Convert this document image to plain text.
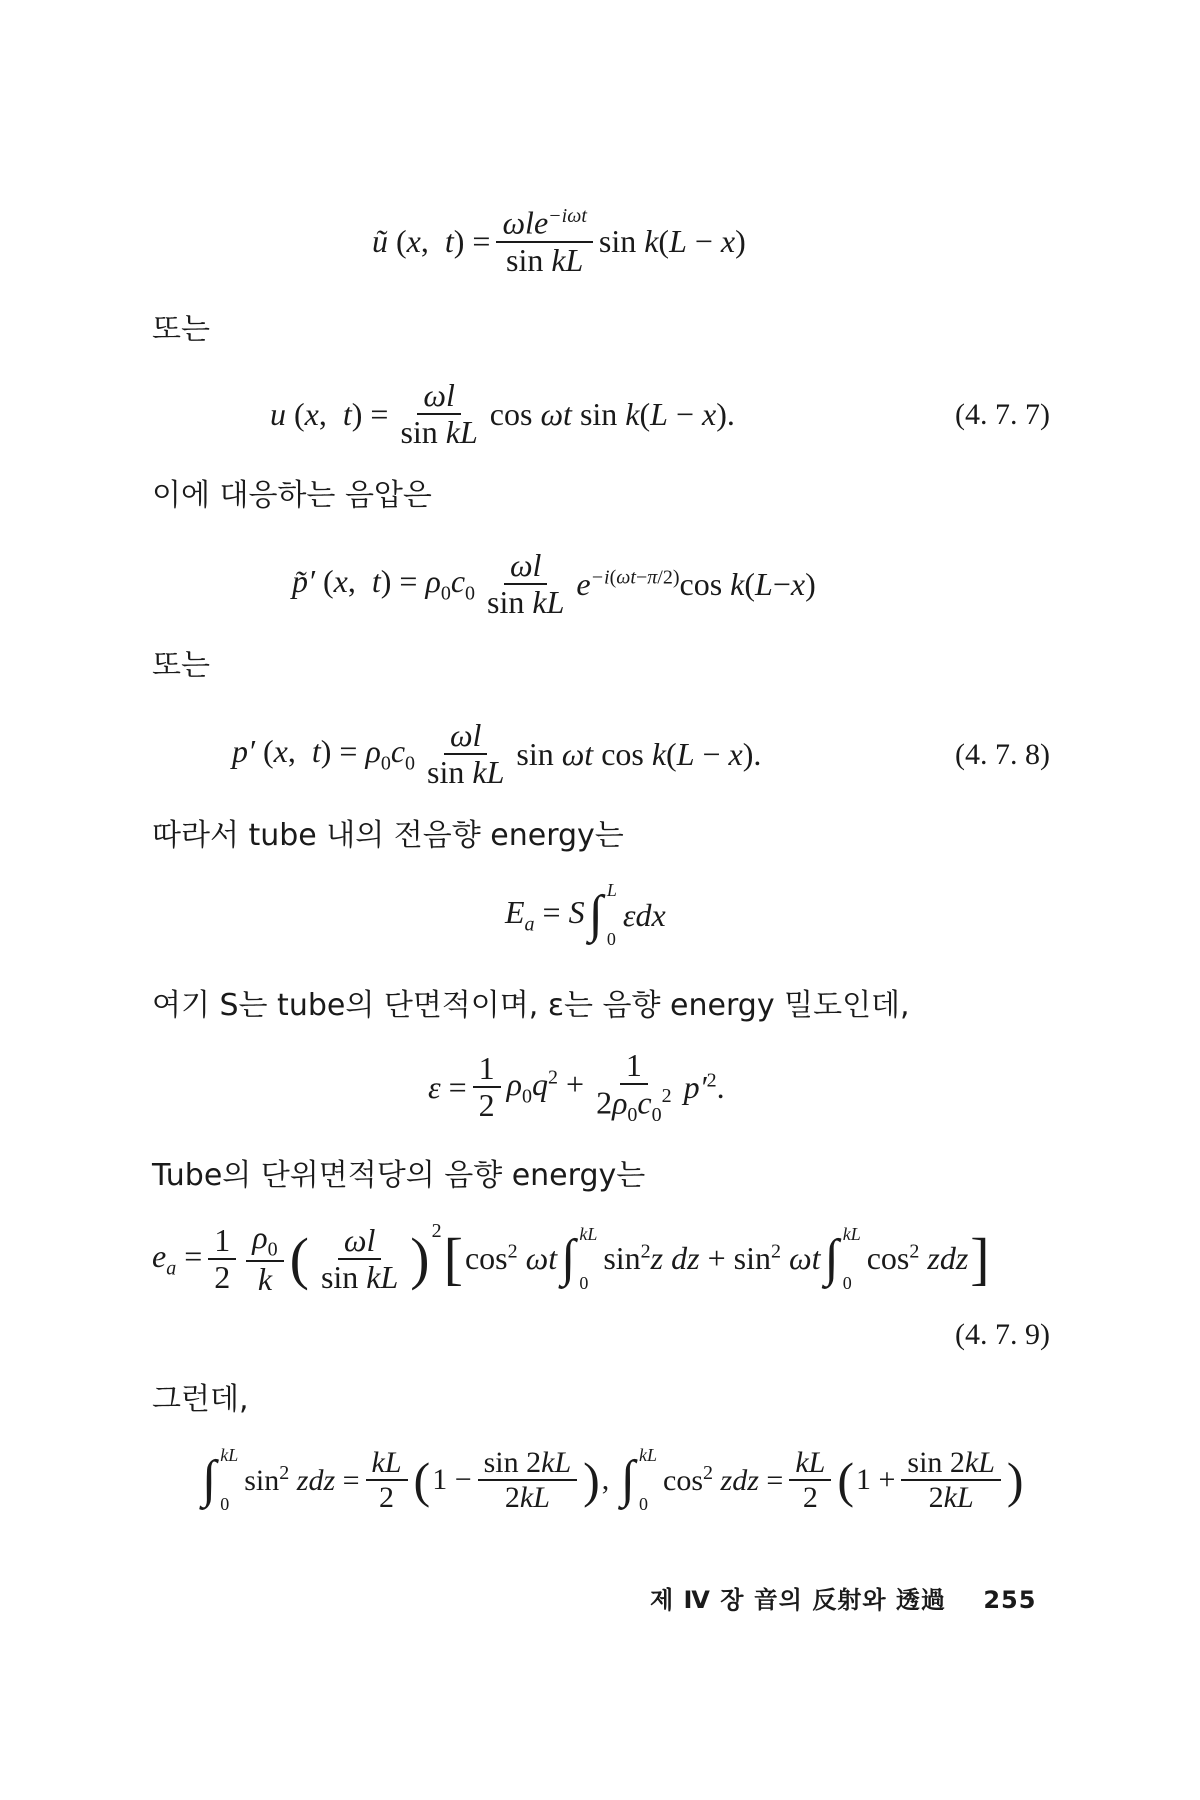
ũ (x,  $t) = \frac{\omega le^{-i\omega t}}{\text{sin kL}}$ sin k(L − x)
또는
u (x,  $t) = \frac{\omega l}{\text{sin kL}}$ cos ωt sin k(L − x).	(4. 7. 7)
이에 대응하는 음압은
p̃′ (x,  $t) = \rho_0c_0 \frac{\omega l}{\text{sin kL}} e^{-i(\omega t-\pi/2)}\cos$ k(L−x)
또는
p′ (x,  $t) = \rho_0c_0 \frac{\omega l}{\text{sin kL}}$ sin ωt cos k(L − x).	(4. 7. 8)
따라서 tube 내의 전음향 energy는
$E_a = S$ ∫ L
0
εdx
여기 S는 tube의 단면적이며, ε는 음향 energy 밀도인데,
$\varepsilon = \frac{1}{2} \rho_0q^2 + \frac{1}{2\rho_0c_0^2} p'^2$.
Tube의 단위면적당의 음향 energy는
$e_a = \frac{1}{2} \frac{\rho_0}{k}$ ( $\frac{\omega l}{\text{sin kL}}$ ) 2 [ $\cos^2 \omega t$ ∫ kL
0
$\sin^2z$ dz + $\sin^2 \omega t$ ∫ kL
0
$\cos^2$ zdz ]
(4. 7. 9)
그런데,
∫ kL
0
$\sin^2$ zdz = $\frac{kL}{2}$ ( $1 - \frac{\sin 2kL}{2kL}$ ) , ∫ kL
0
$\cos^2$ zdz = $\frac{kL}{2}$ ( $1 + \frac{\sin 2kL}{2kL}$ )
제 Ⅳ 장 音의 反射와 透過 255
